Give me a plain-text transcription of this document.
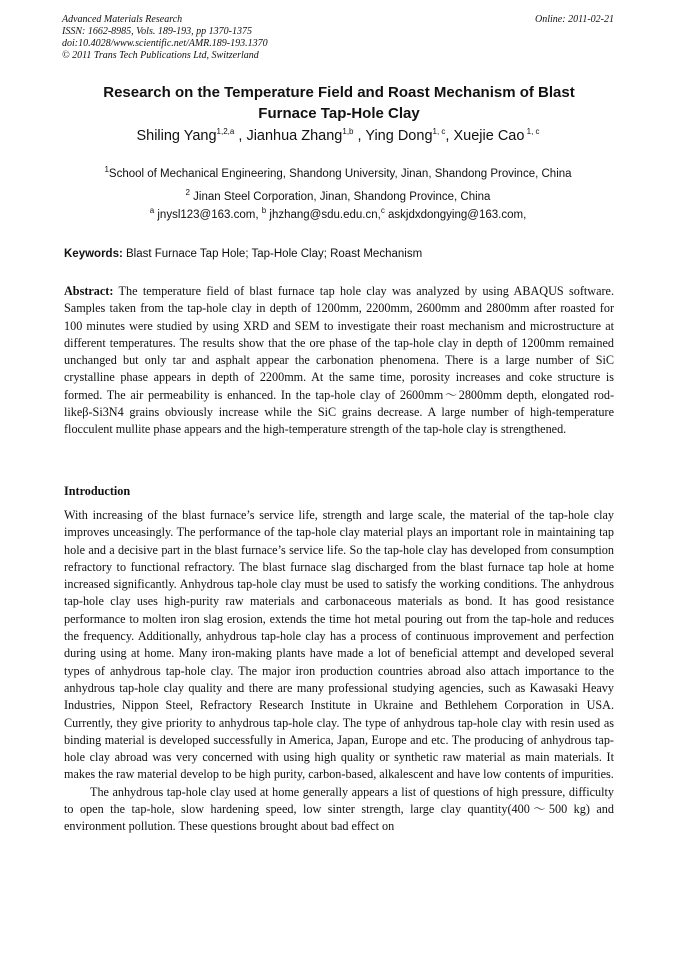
Advanced Materials Research
ISSN: 1662-8985, Vols. 189-193, pp 1370-1375
doi:10.4028/www.scientific.net/AMR.189-193.1370
© 2011 Trans Tech Publications Ltd, Switzerland
Online: 2011-02-21
Research on the Temperature Field and Roast Mechanism of Blast Furnace Tap-Hole Clay
Shiling Yang$^{1,2,a}$ , Jianhua Zhang$^{1,b}$ , Ying Dong$^{1, c}$, Xuejie Cao $^{1, c}$
$^1$School of Mechanical Engineering, Shandong University, Jinan, Shandong Province, China
$^2$ Jinan Steel Corporation, Jinan, Shandong Province, China
$^a$ jnysl123@163.com, $^b$ jhzhang@sdu.edu.cn,$^c$ askjdxdongying@163.com,
Keywords: Blast Furnace Tap Hole; Tap-Hole Clay; Roast Mechanism
Abstract: The temperature field of blast furnace tap hole clay was analyzed by using ABAQUS software. Samples taken from the tap-hole clay in depth of 1200mm, 2200mm, 2600mm and 2800mm after roasted for 100 minutes were studied by using XRD and SEM to investigate their roast mechanism and microstructure at different temperatures. The results show that the ore phase of the tap-hole clay in depth of 1200mm remained unchanged but only tar and asphalt appear the carbonation phenomena. There is a large number of SiC crystalline phase appears in depth of 2200mm. At the same time, porosity increases and coke structure is formed. The air permeability is enhanced. In the tap-hole clay of 2600mm～2800mm depth, elongated rod-likeβ-Si3N4 grains obviously increase while the SiC grains decrease. A large number of high-temperature flocculent mullite phase appears and the high-temperature strength of the tap-hole clay is strengthened.
Introduction

With increasing of the blast furnace’s service life, strength and large scale, the material of the tap-hole clay improves unceasingly. The performance of the tap-hole clay material plays an important role in maintaining tap hole and a decisive part in the blast furnace’s service life. So the tap-hole clay has developed from consumption refractory to functional refractory. The blast furnace slag discharged from the blast furnace tap hole at home increased significantly. Anhydrous tap-hole clay must be used to satisfy the working conditions. The anhydrous tap-hole clay uses high-purity raw materials and carbonaceous materials as bond. It has good resistance performance to molten iron slag erosion, extends the time hot metal pouring out from the tap-hole and reduces the frequency. Additionally, anhydrous tap-hole clay has a process of continuous improvement and perfection during using at home. Many iron-making plants have made a lot of beneficial attempt and developed several types of anhydrous tap-hole clay. The major iron production countries abroad also attach importance to the anhydrous tap-hole clay quality and there are many professional studying agencies, such as Kawasaki Heavy Industries, Nippon Steel, Refractory Research Institute in Ukraine and Bethlehem Corporation in USA. Currently, they give priority to anhydrous tap-hole clay. The type of anhydrous tap-hole clay with resin used as binding material is developed successfully in America, Japan, Europe and etc. The producing of anhydrous tap-hole clay abroad was very concerned with using high quality or synthetic raw material as main materials. It makes the raw material develop to be high purity, carbon-based, alkalescent and have low contents of impurities.

The anhydrous tap-hole clay used at home generally appears a list of questions of high pressure, difficulty to open the tap-hole, slow hardening speed, low sinter strength, large clay quantity(400～500 kg) and environment pollution. These questions brought about bad effect on
